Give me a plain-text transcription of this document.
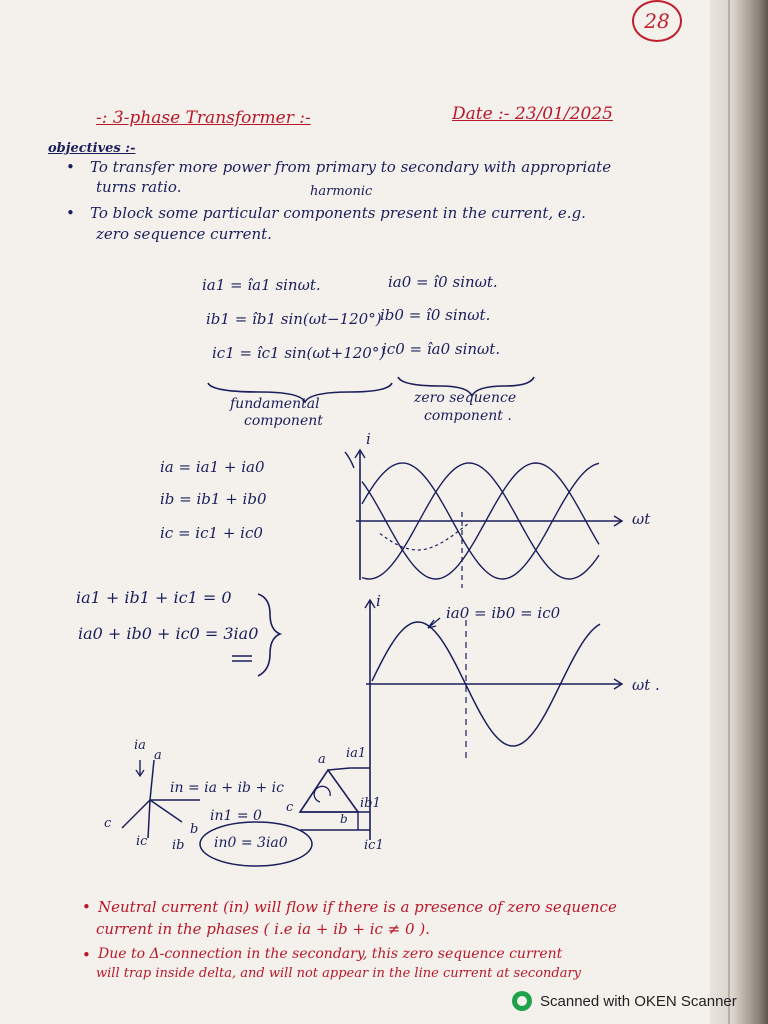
28
-: 3-phase Transformer :-	Date :- 23/01/2025
objectives :-
• To transfer more power from primary to secondary with appropriate
turns ratio.	harmonic
• To block some particular components present in the current, e.g.
zero sequence current.
ia1 = îa1 sinωt.
ib1 = îb1 sin(ωt−120°)
ic1 = îc1 sin(ωt+120°)
ia0 = î0 sinωt.
ib0 = î0 sinωt.
ic0 = îa0 sinωt.
fundamental
component
zero sequence
component .
i
ωt
ia = ia1 + ia0
ib = ib1 + ib0
ic = ic1 + ic0
ia1 + ib1 + ic1 = 0
ia0 + ib0 + ic0 = 3ia0
i
ωt .
ia0 = ib0 = ic0
ia
a
b
c
ic ib
in = ia + ib + ic
in1 = 0
in0 = 3ia0
a
b
c
ia1
ib1
ic1
• Neutral current (in) will flow if there is a presence of zero sequence
current in the phases ( i.e ia + ib + ic ≠ 0 ).
• Due to Δ-connection in the secondary, this zero sequence current
will trap inside delta, and will not appear in the line current at secondary
Scanned with OKEN Scanner
